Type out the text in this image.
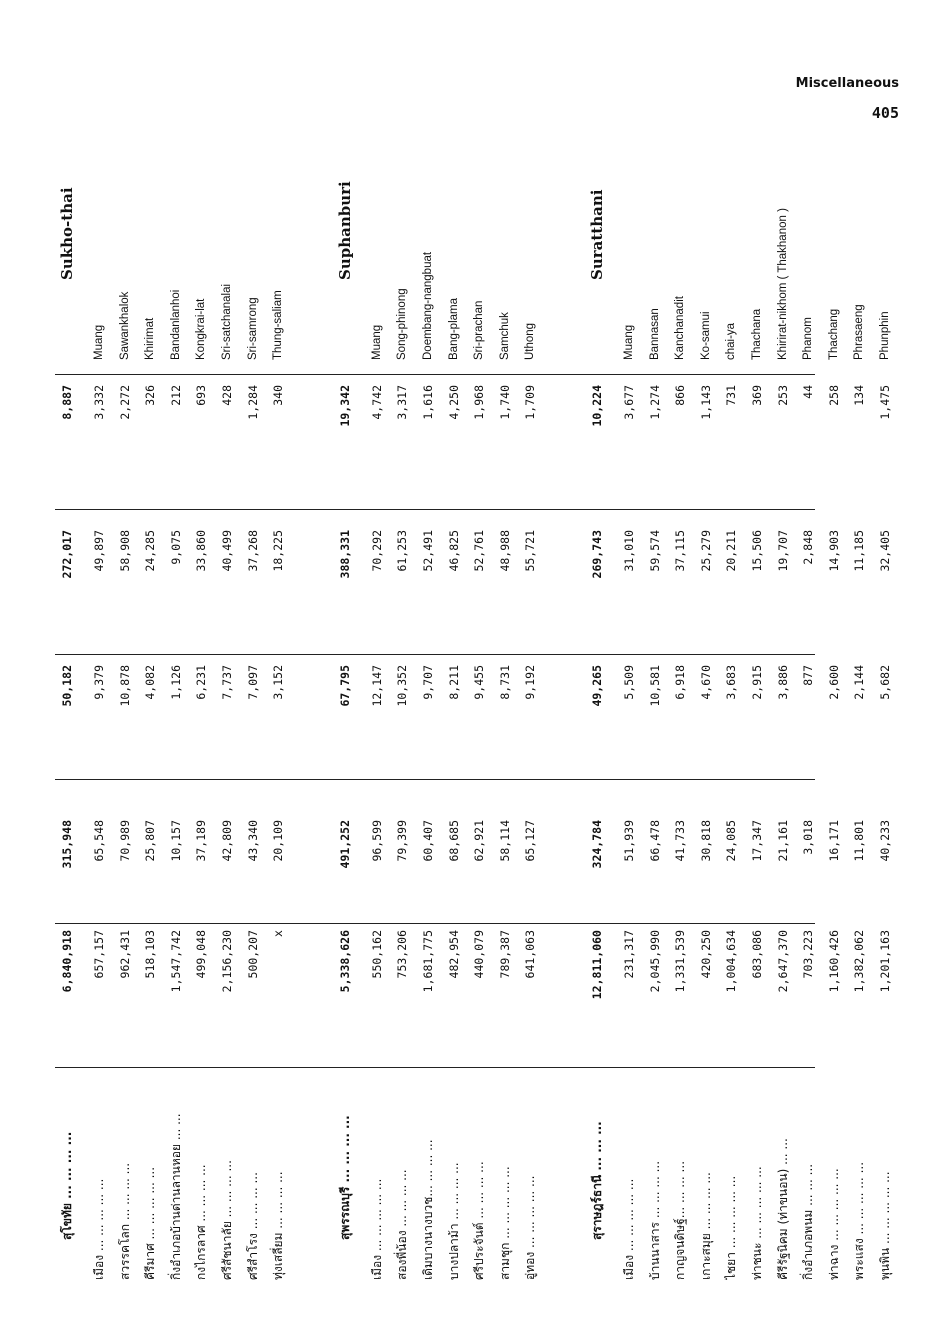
Miscellaneous
405
สุโขทัย ... ... ... ...
6,840,918
315,948
50,182
272,017
8,887
Sukho-thai
เมือง ... ... ... ... ...
657,157
65,548
9,379
49,897
3,332
Muang
สวรรคโลก ... ... ... ...
962,431
70,989
10,878
58,908
2,272
Sawankhalok
คีรีมาศ ... ... ... ... ...
518,103
25,807
4,082
24,285
326
Khirimat
กิ่งอำเภอบ้านด่านลานหอย ... ...
1,547,742
10,157
1,126
9,075
212
Bandanlanhoi
กงไกรลาศ ... ... ... ...
499,048
37,189
6,231
33,860
693
Kongkrai-lat
ศรีสัชนาลัย ... ... ... ...
2,156,230
42,809
7,737
40,499
428
Sri-satchanalai
ศรีสำโรง ... ... ... ...
500,207
43,340
7,097
37,268
1,284
Sri-samrong
ทุ่งเสลี่ยม ... ... ... ...
x
20,109
3,152
18,225
340
Thung-saliam
สุพรรณบุรี ... ... ... ...
5,338,626
491,252
67,795
388,331
19,342
Suphanburi
เมือง ... ... ... ... ...
550,162
96,599
12,147
70,292
4,742
Muang
สองพี่น้อง ... ... ... ...
753,206
79,399
10,352
61,253
3,317
Song-phinong
เดิมบางนางบวช... ... ... ...
1,681,775
60,407
9,707
52,491
1,616
Doembang-nangbuat
บางปลาม้า ... ... ... ...
482,954
68,685
8,211
46,825
4,250
Bang-plama
ศรีประจันต์ ... ... ... ...
440,079
62,921
9,455
52,761
1,968
Sri-prachan
สามชุก ... ... ... ... ...
789,387
58,114
8,731
48,988
1,740
Samchuk
อู่ทอง ... ... ... ... ...
641,063
65,127
9,192
55,721
1,709
Uthong
สุราษฎร์ธานี ... ... ...
12,811,060
324,784
49,265
269,743
10,224
Suratthani
เมือง ... ... ... ... ...
231,317
51,939
5,509
31,010
3,677
Muang
บ้านนาสาร ... ... ... ...
2,045,990
66,478
10,581
59,574
1,274
Bannasan
กาญจนดิษฐ์... ... ... ...
1,331,539
41,733
6,918
37,115
866
Kanchanadit
เกาะสมุย ... ... ... ...
420,250
30,818
4,670
25,279
1,143
Ko-samui
ไชยา ... ... ... ... ...
1,004,634
24,085
3,683
20,211
731
chai-ya
ท่าชนะ ... ... ... ... ...
683,086
17,347
2,915
15,506
369
Thachana
คีรีรัฐนิคม (ท่าขนอน) ... ...
2,647,370
21,161
3,886
19,707
253
Khirirat-nikhom ( Thakhanon )
กิ่งอำเภอพนม ... ... ...
703,223
3,018
877
2,848
44
Phanom
ท่าฉาง ... ... ... ... ...
1,160,426
16,171
2,600
14,903
258
Thachang
พระแสง ... ... ... ... ...
1,382,062
11,801
2,144
11,185
134
Phrasaeng
พุนพิน ... ... ... ... ...
1,201,163
40,233
5,682
32,405
1,475
Phunphin
